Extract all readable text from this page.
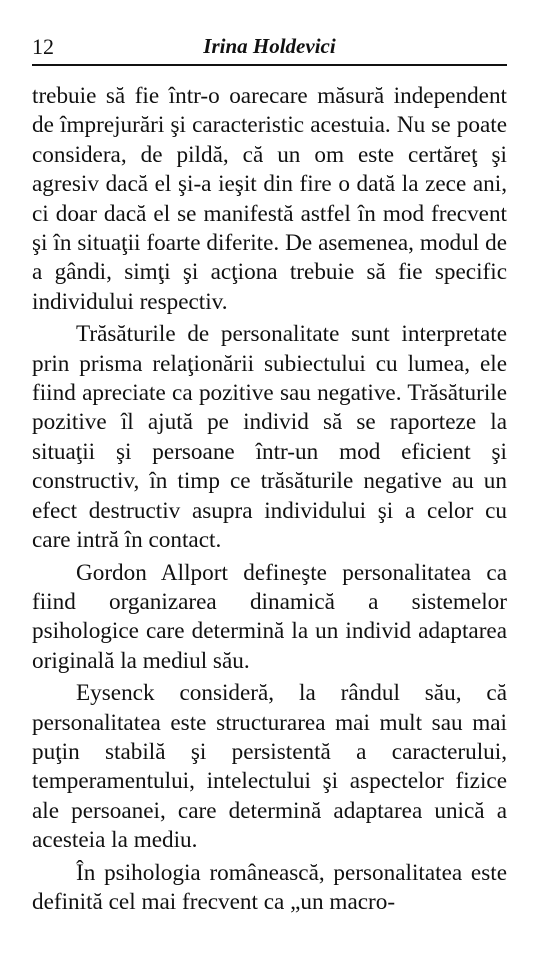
12	Irina Holdevici

trebuie să fie într-o oarecare măsură independent de împrejurări şi caracteristic acestuia. Nu se poate considera, de pildă, că un om este certăreţ şi agresiv dacă el şi-a ieşit din fire o dată la zece ani, ci doar dacă el se manifestă astfel în mod frecvent şi în situaţii foarte diferite. De asemenea, modul de a gândi, simţi şi acţiona trebuie să fie specific individului respectiv.

Trăsăturile de personalitate sunt interpretate prin prisma relaţionării subiectului cu lumea, ele fiind apreciate ca pozitive sau negative. Trăsăturile pozitive îl ajută pe individ să se raporteze la situaţii şi persoane într-un mod eficient şi constructiv, în timp ce trăsăturile negative au un efect destructiv asupra individului şi a celor cu care intră în contact.

Gordon Allport defineşte personalitatea ca fiind organizarea dinamică a sistemelor psihologice care determină la un individ adaptarea originală la mediul său.

Eysenck consideră, la rândul său, că personalitatea este structurarea mai mult sau mai puţin stabilă şi persistentă a caracterului, temperamentului, intelectului şi aspectelor fizice ale persoanei, care determină adaptarea unică a acesteia la mediu.

În psihologia românească, personalitatea este definită cel mai frecvent ca „un macro-
